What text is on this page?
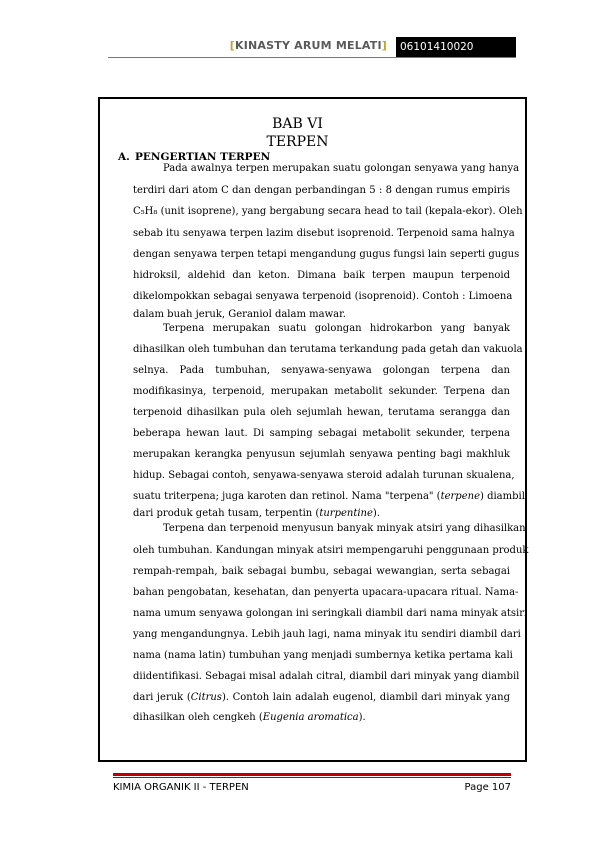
[KINASTY ARUM MELATI]	06101410020
BAB VI
TERPEN
A. PENGERTIAN TERPEN
Pada awalnya terpen merupakan suatu golongan senyawa yang hanya
terdiri dari atom C dan dengan perbandingan 5 : 8 dengan rumus empiris
C₅H₈ (unit isoprene), yang bergabung secara head to tail (kepala-ekor). Oleh
sebab itu senyawa terpen lazim disebut isoprenoid. Terpenoid sama halnya
dengan senyawa terpen tetapi mengandung gugus fungsi lain seperti gugus
hidroksil, aldehid dan keton. Dimana baik terpen maupun terpenoid
dikelompokkan sebagai senyawa terpenoid (isoprenoid). Contoh : Limoena
dalam buah jeruk, Geraniol dalam mawar.
Terpena merupakan suatu golongan hidrokarbon yang banyak
dihasilkan oleh tumbuhan dan terutama terkandung pada getah dan vakuola
selnya. Pada tumbuhan, senyawa-senyawa golongan terpena dan
modifikasinya, terpenoid, merupakan metabolit sekunder. Terpena dan
terpenoid dihasilkan pula oleh sejumlah hewan, terutama serangga dan
beberapa hewan laut. Di samping sebagai metabolit sekunder, terpena
merupakan kerangka penyusun sejumlah senyawa penting bagi makhluk
hidup. Sebagai contoh, senyawa-senyawa steroid adalah turunan skualena,
suatu triterpena; juga karoten dan retinol. Nama "terpena" (terpene) diambil
dari produk getah tusam, terpentin (turpentine).
Terpena dan terpenoid menyusun banyak minyak atsiri yang dihasilkan
oleh tumbuhan. Kandungan minyak atsiri mempengaruhi penggunaan produk
rempah-rempah, baik sebagai bumbu, sebagai wewangian, serta sebagai
bahan pengobatan, kesehatan, dan penyerta upacara-upacara ritual. Nama-
nama umum senyawa golongan ini seringkali diambil dari nama minyak atsiri
yang mengandungnya. Lebih jauh lagi, nama minyak itu sendiri diambil dari
nama (nama latin) tumbuhan yang menjadi sumbernya ketika pertama kali
diidentifikasi. Sebagai misal adalah citral, diambil dari minyak yang diambil
dari jeruk (Citrus). Contoh lain adalah eugenol, diambil dari minyak yang
dihasilkan oleh cengkeh (Eugenia aromatica).
KIMIA ORGANIK II - TERPEN	Page 107
